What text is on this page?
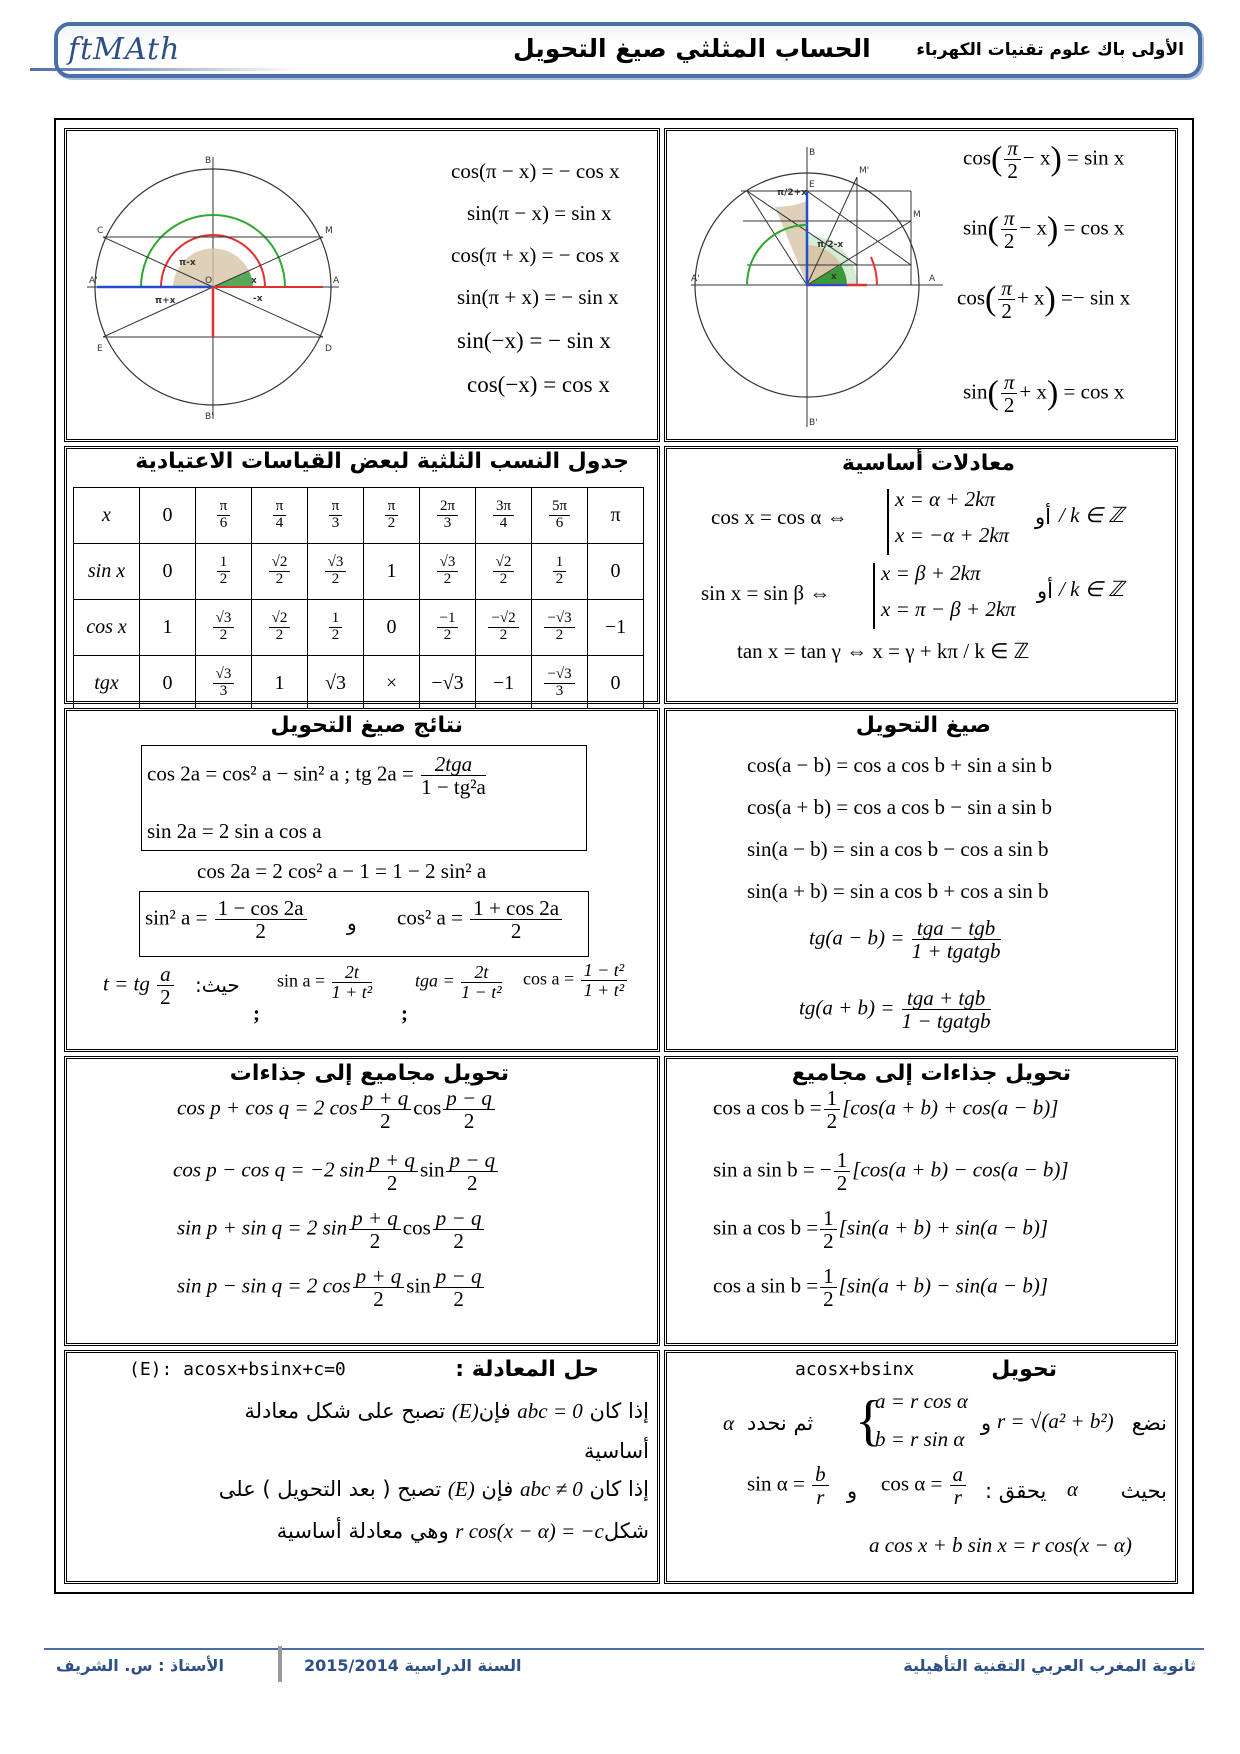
ftMAth	الحساب المثلثي صيغ التحويل	الأولى باك علوم تقنيات الكهرباء
B
B'
C	M
A'	A
E	D
π-x
π+x
x
-x
O
cos(π − x) = − cos x
sin(π − x) = sin x
cos(π + x) = − cos x
sin(π + x) = − sin x
sin(−x) = − sin x
cos(−x) = cos x
B
B'
A
A'
E
M
M'
π/2+x
π/2-x
x
$\cos( \frac{\pi}{2} - x) = \sin x$
$\sin( \frac{\pi}{2} - x) = \cos x$
$\cos( \frac{\pi}{2} + x) =- \sin x$
$\sin( \frac{\pi}{2} + x) = \cos x$
جدول النسب الثلثية لبعض القياسات الاعتيادية
x	0	$\frac{\pi}{6}$	$\frac{\pi}{4}$	$\frac{\pi}{3}$	$\frac{\pi}{2}$	$\frac{2\pi}{3}$	$\frac{3\pi}{4}$	$\frac{5\pi}{6}$	π
sin x	0	$\frac{1}{2}$	$\frac{√2}{2}$	$\frac{√3}{2}$	1	$\frac{√3}{2}$	$\frac{√2}{2}$	$\frac{1}{2}$	0
cos x	1	$\frac{√3}{2}$	$\frac{√2}{2}$	$\frac{1}{2}$	0	$\frac{-1}{2}$	$\frac{-√2}{2}$	$\frac{-√3}{2}$	−1
tgx	0	$\frac{√3}{3}$	1	√3	×	−√3	−1	$\frac{-√3}{3}$	0
معادلات أساسية
cos x = cos α ⇔
x = α + 2kπ
x = −α + 2kπ
أو / k ∈ ℤ
sin x = sin β ⇔
x = β + 2kπ
x = π − β + 2kπ
أو / k ∈ ℤ
tan x = tan γ ⇔ x = γ + kπ / k ∈ ℤ
نتائج صيغ التحويل
cos 2a = cos² a − sin² a ; tg $2a = \frac{\text{2tga}}{\text{1 − tg²a}}$
sin 2a = 2 sin a cos a
cos 2a = 2 cos² a − 1 = 1 − 2 sin² a
sin² $a = \frac{1 - \cos 2a}{2}$ و cos² $a = \frac{1 + \cos 2a}{2}$
t = tg $\frac{a}{2}$ حيث: $\sin a = \frac{2t}{\text{1 + t²}}$ tga = $\frac{2t}{\text{1 − t²}}$ $\cos a = \frac{\text{1 − t²}}{\text{1 + t²}}$
;	;
صيغ التحويل
cos(a − b) = cos a cos b + sin a sin b
cos(a + b) = cos a cos b − sin a sin b
sin(a − b) = sin a cos b − cos a sin b
sin(a + b) = sin a cos b + cos a sin b
$tg(a - b) = \frac{\text{tga − tgb}}{\text{1 + tgatgb}}$
$tg(a + b) = \frac{\text{tga + tgb}}{\text{1 − tgatgb}}$
تحويل مجاميع إلى جذاءات
cos p + cos q = 2 $\cos \frac{p + q}{2}$ $\cos \frac{p - q}{2}$
cos p − cos q = −2 $\sin \frac{p + q}{2}$ $\sin \frac{p - q}{2}$
sin p + sin q = 2 $\sin \frac{p + q}{2}$ $\cos \frac{p - q}{2}$
sin p − sin q = 2 $\cos \frac{p + q}{2}$ $\sin \frac{p - q}{2}$
تحويل جذاءات إلى مجاميع
cos a $\cos b = \frac{1}{2} [\cos(a + b) + \cos(a - b)]$
sin a sin b = − $\frac{1}{2} [\cos(a + b) - \cos(a - b)]$
sin a $\cos b = \frac{1}{2} [\sin(a + b) + \sin(a - b)]$
cos a $\sin b = \frac{1}{2} [\sin(a + b) - \sin(a - b)]$
حل المعادلة :
(E): acosx+bsinx+c=0
إذا كان abc = 0 فإن(E) تصبح على شكل معادلة
أساسية
إذا كان abc ≠ 0 فإن (E) تصبح ( بعد التحويل ) على
شكلr cos(x − α) = −c وهي معادلة أساسية
تحويل
acosx+bsinx
نضع
r = √(a² + b²)
و
{
a = r cos α
b = r sin α
ثم نحدد
α
بحيث
α
يحقق :
$\cos \alpha = \frac{a}{r}$
و
$\sin \alpha = \frac{b}{r}$
a cos x + b sin x = r cos(x − α)
ثانوية المغرب العربي التقنية التأهيلية
السنة الدراسية 2015/2014
الأستاذ : س. الشريف
